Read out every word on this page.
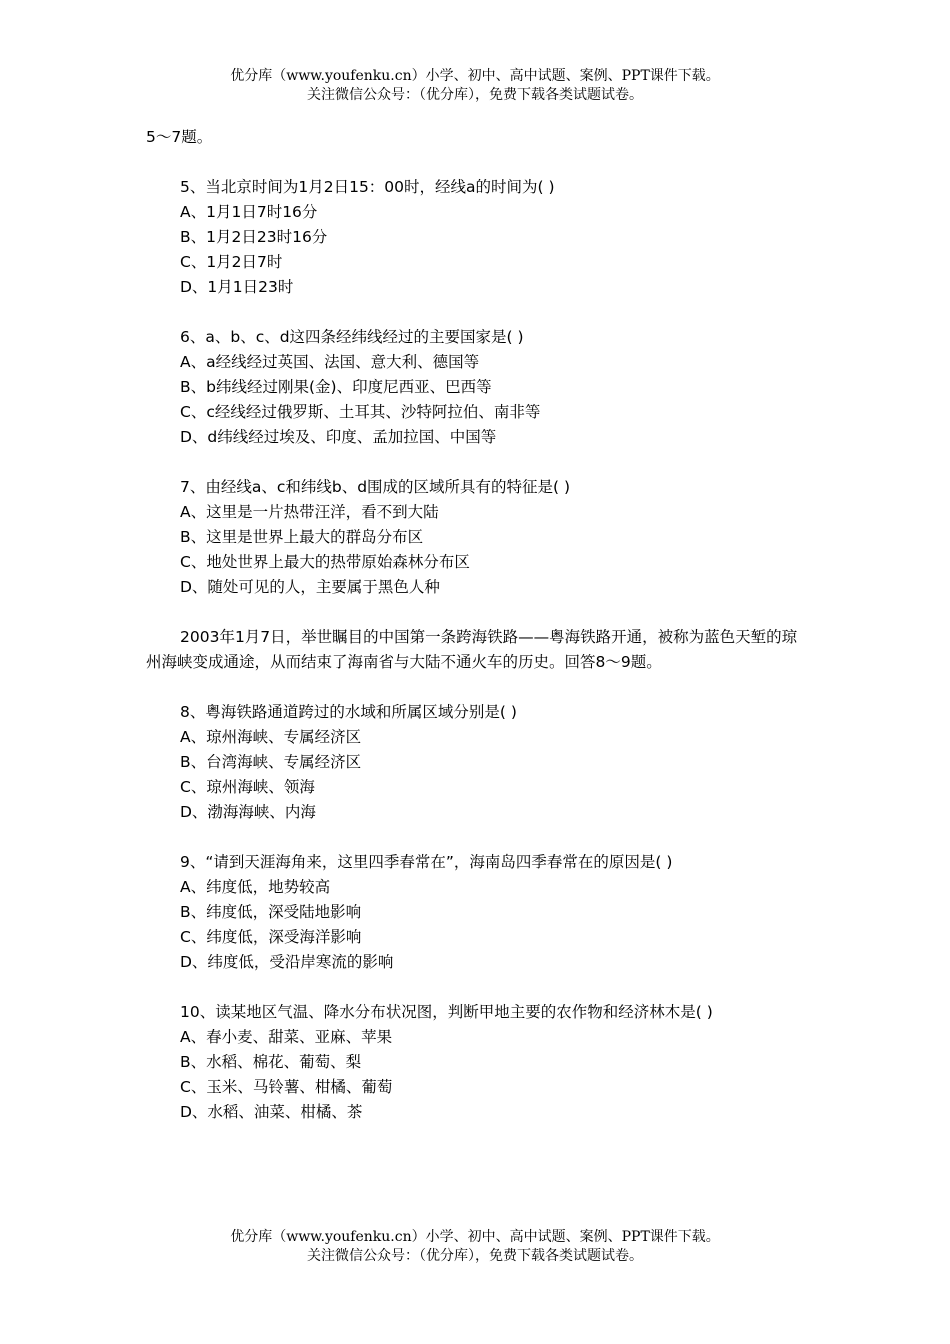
优分库（www.youfenku.cn）小学、初中、高中试题、案例、PPT课件下载。
关注微信公众号：（优分库），免费下载各类试题试卷。
5～7题。
5、当北京时间为1月2日15：00时，经线a的时间为( )
A、1月1日7时16分
B、1月2日23时16分
C、1月2日7时
D、1月1日23时
6、a、b、c、d这四条经纬线经过的主要国家是( )
A、a经线经过英国、法国、意大利、德国等
B、b纬线经过刚果(金)、印度尼西亚、巴西等
C、c经线经过俄罗斯、土耳其、沙特阿拉伯、南非等
D、d纬线经过埃及、印度、孟加拉国、中国等
7、由经线a、c和纬线b、d围成的区域所具有的特征是( )
A、这里是一片热带汪洋，看不到大陆
B、这里是世界上最大的群岛分布区
C、地处世界上最大的热带原始森林分布区
D、随处可见的人，主要属于黑色人种
2003年1月7日，举世瞩目的中国第一条跨海铁路——粤海铁路开通，被称为蓝色天堑的琼州海峡变成通途，从而结束了海南省与大陆不通火车的历史。回答8～9题。
8、粤海铁路通道跨过的水域和所属区域分别是( )
A、琼州海峡、专属经济区
B、台湾海峡、专属经济区
C、琼州海峡、领海
D、渤海海峡、内海
9、“请到天涯海角来，这里四季春常在”，海南岛四季春常在的原因是( )
A、纬度低，地势较高
B、纬度低，深受陆地影响
C、纬度低，深受海洋影响
D、纬度低，受沿岸寒流的影响
10、读某地区气温、降水分布状况图，判断甲地主要的农作物和经济林木是( )
A、春小麦、甜菜、亚麻、苹果
B、水稻、棉花、葡萄、梨
C、玉米、马铃薯、柑橘、葡萄
D、水稻、油菜、柑橘、茶
优分库（www.youfenku.cn）小学、初中、高中试题、案例、PPT课件下载。
关注微信公众号：（优分库），免费下载各类试题试卷。
